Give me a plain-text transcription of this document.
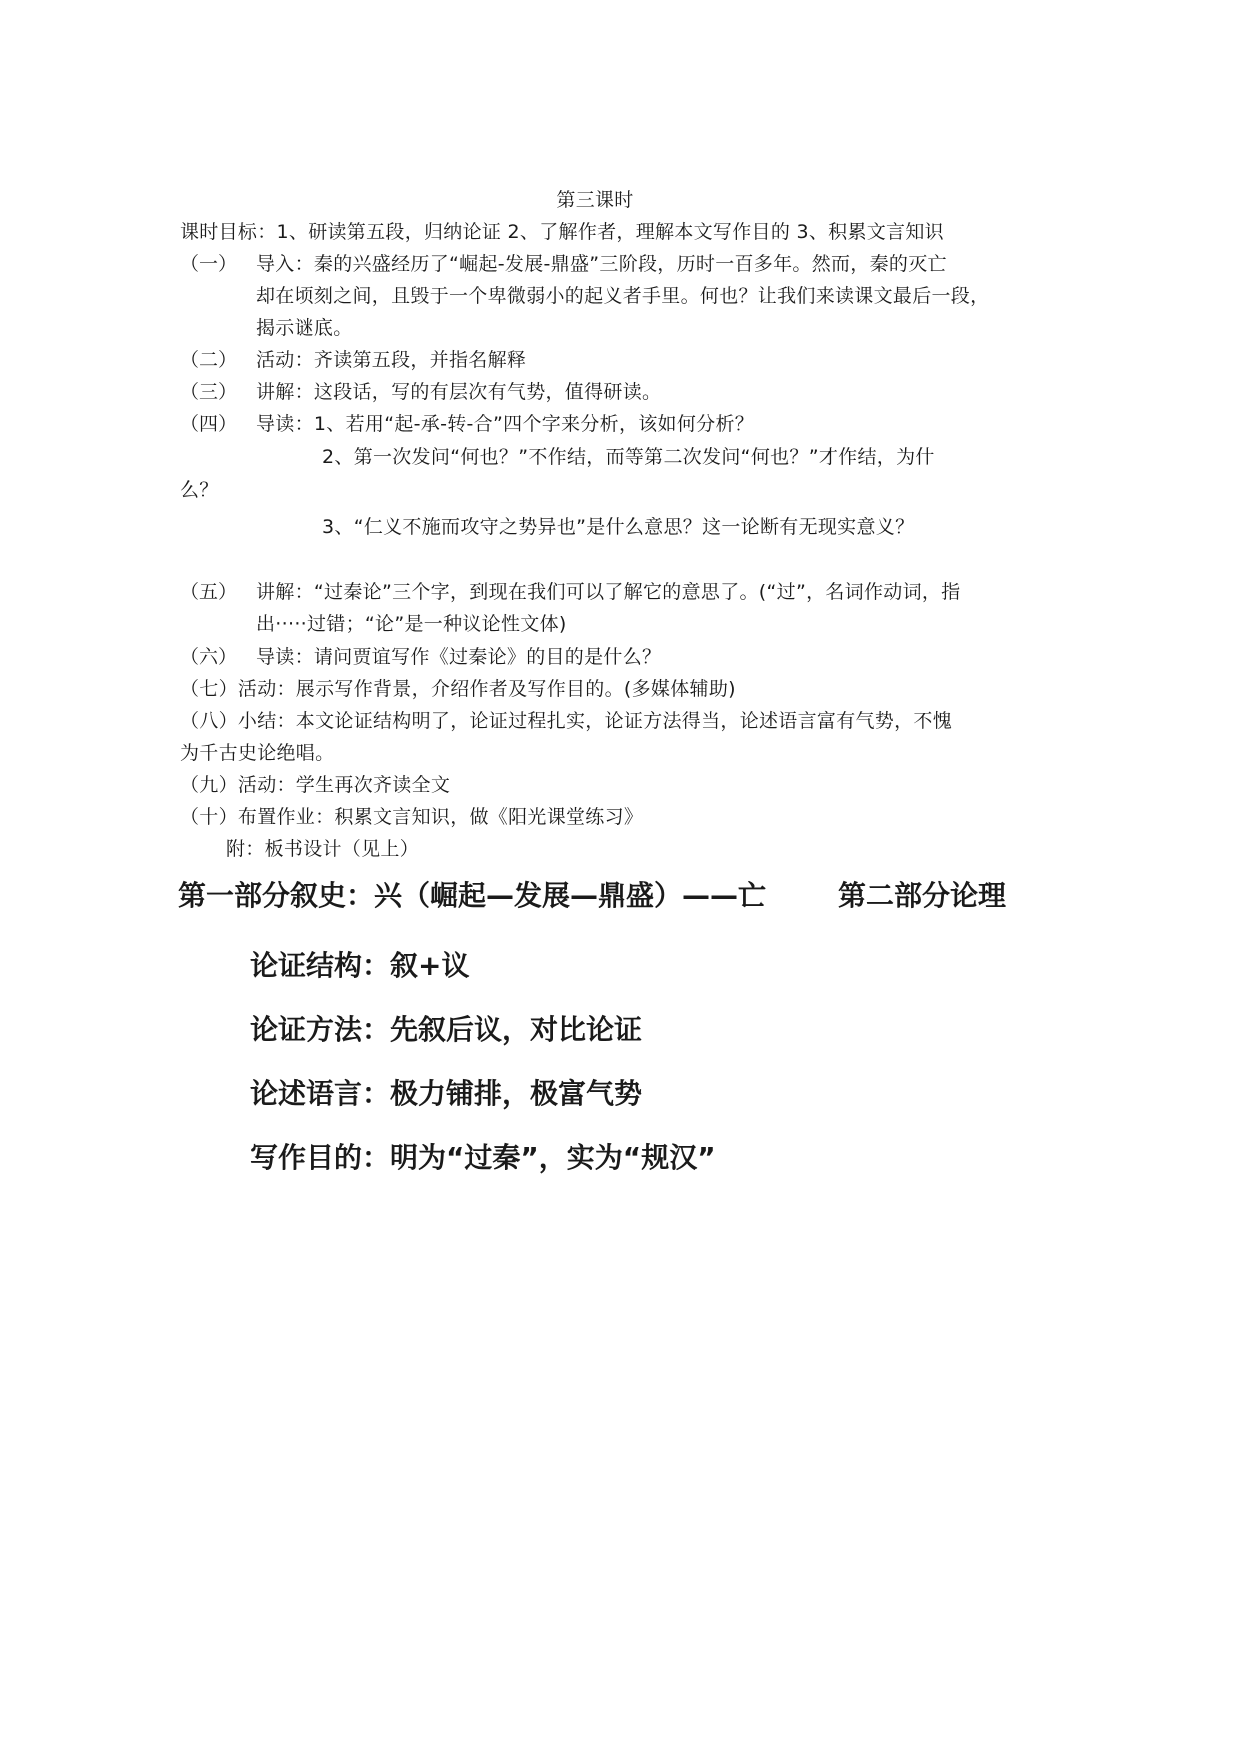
第三课时
课时目标：1、研读第五段，归纳论证 2、了解作者，理解本文写作目的 3、积累文言知识
（一） 导入：秦的兴盛经历了“崛起-发展-鼎盛”三阶段，历时一百多年。然而，秦的灭亡
却在顷刻之间，且毁于一个卑微弱小的起义者手里。何也？让我们来读课文最后一段，
揭示谜底。
（二） 活动：齐读第五段，并指名解释
（三） 讲解：这段话，写的有层次有气势，值得研读。
（四） 导读：1、若用“起-承-转-合”四个字来分析，该如何分析？
2、第一次发问“何也？”不作结，而等第二次发问“何也？”才作结，为什
么？
3、“仁义不施而攻守之势异也”是什么意思？这一论断有无现实意义？
（五） 讲解：“过秦论”三个字，到现在我们可以了解它的意思了。(“过”，名词作动词，指
出·····过错；“论”是一种议论性文体)
（六） 导读：请问贾谊写作《过秦论》的目的是什么？
（七）活动：展示写作背景，介绍作者及写作目的。(多媒体辅助)
（八）小结：本文论证结构明了，论证过程扎实，论证方法得当，论述语言富有气势，不愧
为千古史论绝唱。
（九）活动：学生再次齐读全文
（十）布置作业：积累文言知识，做《阳光课堂练习》
附：板书设计（见上）
第一部分叙史：兴（崛起—发展—鼎盛）——亡	第二部分论理
论证结构：叙+议
论证方法：先叙后议，对比论证
论述语言：极力铺排，极富气势
写作目的：明为“过秦”，实为“规汉”
